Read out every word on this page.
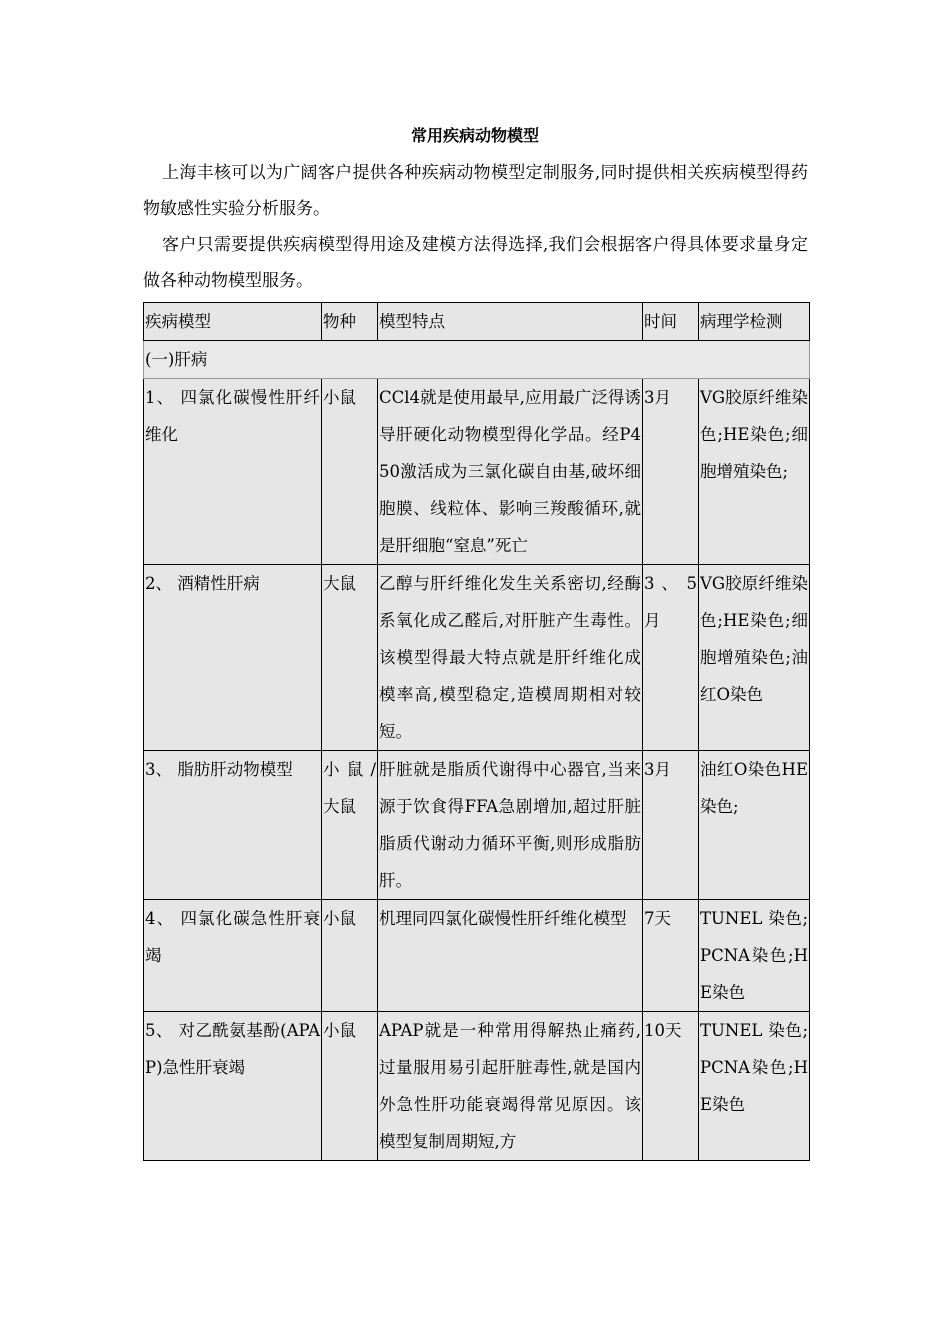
常用疾病动物模型
上海丰核可以为广阔客户提供各种疾病动物模型定制服务,同时提供相关疾病模型得药物敏感性实验分析服务。
客户只需要提供疾病模型得用途及建模方法得选择,我们会根据客户得具体要求量身定做各种动物模型服务。
疾病模型	物种	模型特点	时间	病理学检测
(一)肝病				
1、 四氯化碳慢性肝纤维化	小鼠	CCl4就是使用最早,应用最广泛得诱导肝硬化动物模型得化学品。经P450激活成为三氯化碳自由基,破坏细胞膜、线粒体、影响三羧酸循环,就是肝细胞“窒息”死亡	3月	VG胶原纤维染色;HE染色;细胞增殖染色;
2、 酒精性肝病	大鼠	乙醇与肝纤维化发生关系密切,经酶系氧化成乙醛后,对肝脏产生毒性。该模型得最大特点就是肝纤维化成模率高,模型稳定,造模周期相对较短。	3 、 5月	VG胶原纤维染色;HE染色;细胞增殖染色;油红O染色
3、 脂肪肝动物模型	小鼠/大鼠	肝脏就是脂质代谢得中心器官,当来源于饮食得FFA急剧增加,超过肝脏脂质代谢动力循环平衡,则形成脂肪肝。	3月	油红O染色HE染色;
4、 四氯化碳急性肝衰竭	小鼠	机理同四氯化碳慢性肝纤维化模型	7天	TUNEL 染色;PCNA染色;HE染色
5、 对乙酰氨基酚(APAP)急性肝衰竭	小鼠	APAP就是一种常用得解热止痛药,过量服用易引起肝脏毒性,就是国内外急性肝功能衰竭得常见原因。该模型复制周期短,方	10天	TUNEL 染色;PCNA染色;HE染色
